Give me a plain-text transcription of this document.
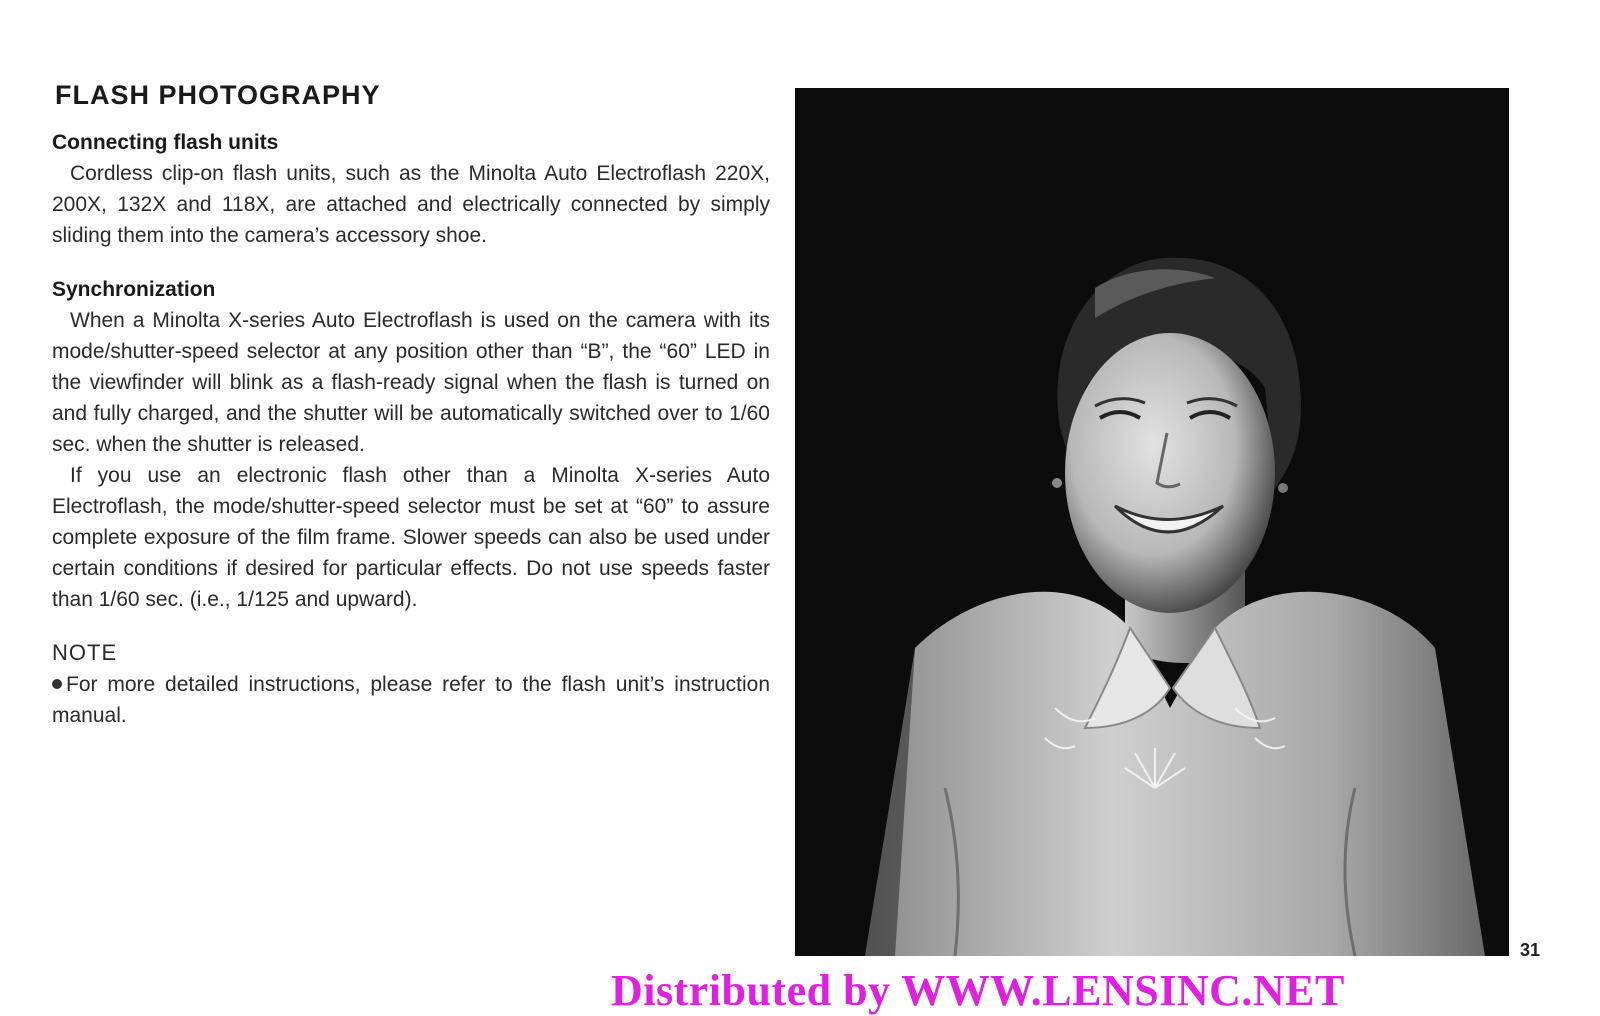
FLASH PHOTOGRAPHY

Connecting flash units

Cordless clip-on flash units, such as the Minolta Auto Electroflash 220X, 200X, 132X and 118X, are attached and electrically connected by simply sliding them into the camera’s accessory shoe.

Synchronization

When a Minolta X-series Auto Electroflash is used on the camera with its mode/shutter-speed selector at any position other than “B”, the “60” LED in the viewfinder will blink as a flash-ready signal when the flash is turned on and fully charged, and the shutter will be automatically switched over to 1/60 sec. when the shutter is released.

If you use an electronic flash other than a Minolta X-series Auto Electroflash, the mode/shutter-speed selector must be set at “60” to assure complete exposure of the film frame. Slower speeds can also be used under certain conditions if desired for particular effects. Do not use speeds faster than 1/60 sec. (i.e., 1/125 and upward).

NOTE

For more detailed instructions, please refer to the flash unit’s instruction manual.

31
Distributed by WWW.LENSINC.NET
